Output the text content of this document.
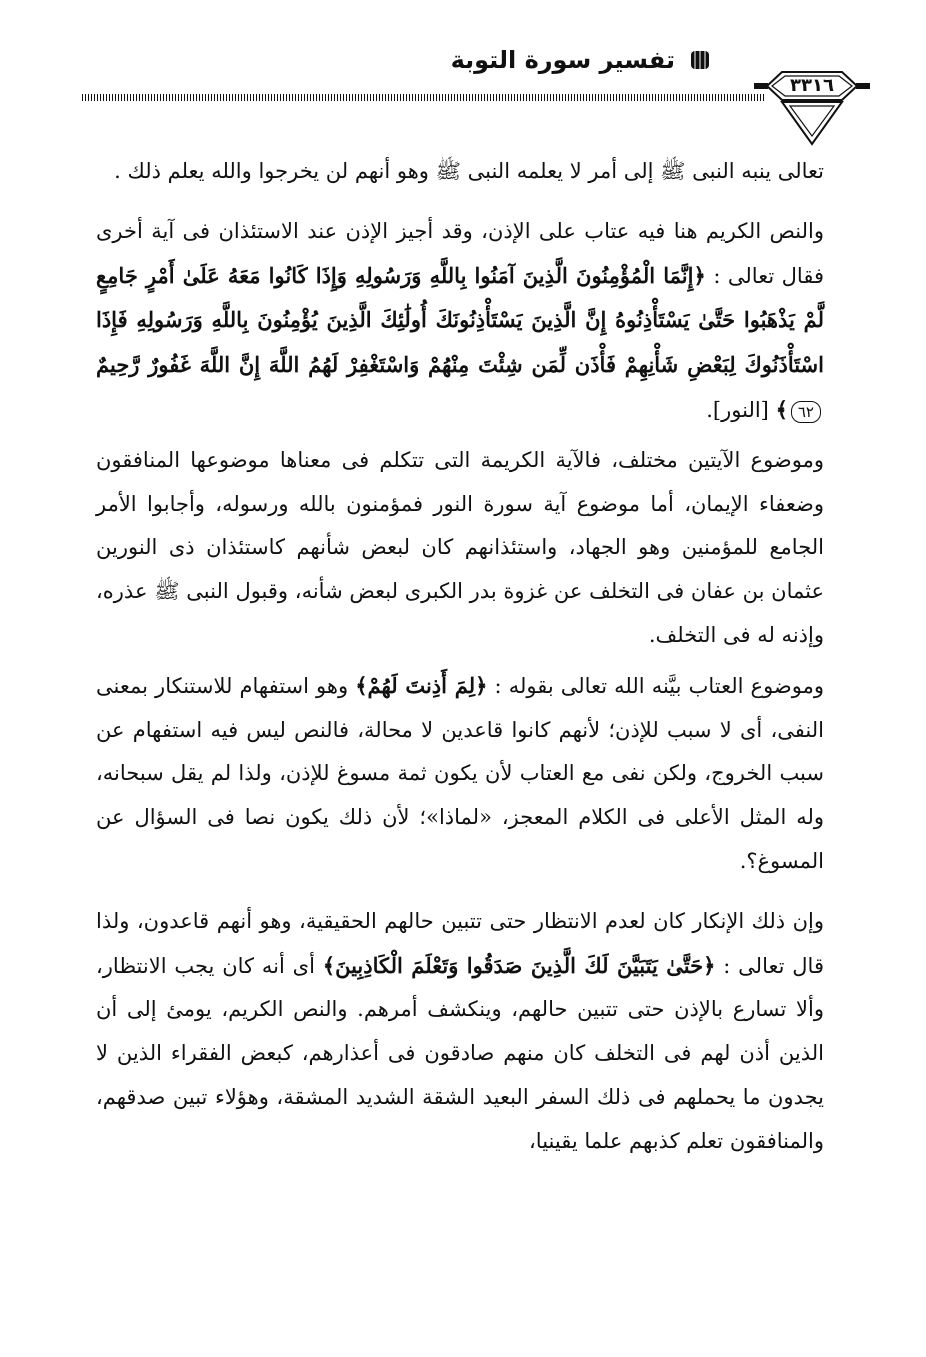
تفسير سورة التوبة
٣٣١٦

تعالى ينبه النبى ﷺ إلى أمر لا يعلمه النبى ﷺ وهو أنهم لن يخرجوا والله يعلم ذلك .

والنص الكريم هنا فيه عتاب على الإذن، وقد أجيز الإذن عند الاستئذان فى آية أخرى فقال تعالى : ﴿إِنَّمَا الْمُؤْمِنُونَ الَّذِينَ آمَنُوا بِاللَّهِ وَرَسُولِهِ وَإِذَا كَانُوا مَعَهُ عَلَىٰ أَمْرٍ جَامِعٍ لَّمْ يَذْهَبُوا حَتَّىٰ يَسْتَأْذِنُوهُ إِنَّ الَّذِينَ يَسْتَأْذِنُونَكَ أُولَٰئِكَ الَّذِينَ يُؤْمِنُونَ بِاللَّهِ وَرَسُولِهِ فَإِذَا اسْتَأْذَنُوكَ لِبَعْضِ شَأْنِهِمْ فَأْذَن لِّمَن شِئْتَ مِنْهُمْ وَاسْتَغْفِرْ لَهُمُ اللَّهَ إِنَّ اللَّهَ غَفُورٌ رَّحِيمٌ ٦٢﴾ [النور].

وموضوع الآيتين مختلف، فالآية الكريمة التى تتكلم فى معناها موضوعها المنافقون وضعفاء الإيمان، أما موضوع آية سورة النور فمؤمنون بالله ورسوله، وأجابوا الأمر الجامع للمؤمنين وهو الجهاد، واستئذانهم كان لبعض شأنهم كاستئذان ذى النورين عثمان بن عفان فى التخلف عن غزوة بدر الكبرى لبعض شأنه، وقبول النبى ﷺ عذره، وإذنه له فى التخلف.

وموضوع العتاب بيَّنه الله تعالى بقوله : ﴿لِمَ أَذِنتَ لَهُمْ﴾ وهو استفهام للاستنكار بمعنى النفى، أى لا سبب للإذن؛ لأنهم كانوا قاعدين لا محالة، فالنص ليس فيه استفهام عن سبب الخروج، ولكن نفى مع العتاب لأن يكون ثمة مسوغ للإذن، ولذا لم يقل سبحانه، وله المثل الأعلى فى الكلام المعجز، «لماذا»؛ لأن ذلك يكون نصا فى السؤال عن المسوغ؟.

وإن ذلك الإنكار كان لعدم الانتظار حتى تتبين حالهم الحقيقية، وهو أنهم قاعدون، ولذا قال تعالى : ﴿حَتَّىٰ يَتَبَيَّنَ لَكَ الَّذِينَ صَدَقُوا وَتَعْلَمَ الْكَاذِبِينَ﴾ أى أنه كان يجب الانتظار، وألا تسارع بالإذن حتى تتبين حالهم، وينكشف أمرهم. والنص الكريم، يومئ إلى أن الذين أذن لهم فى التخلف كان منهم صادقون فى أعذارهم، كبعض الفقراء الذين لا يجدون ما يحملهم فى ذلك السفر البعيد الشقة الشديد المشقة، وهؤلاء تبين صدقهم، والمنافقون تعلم كذبهم علما يقينيا،
